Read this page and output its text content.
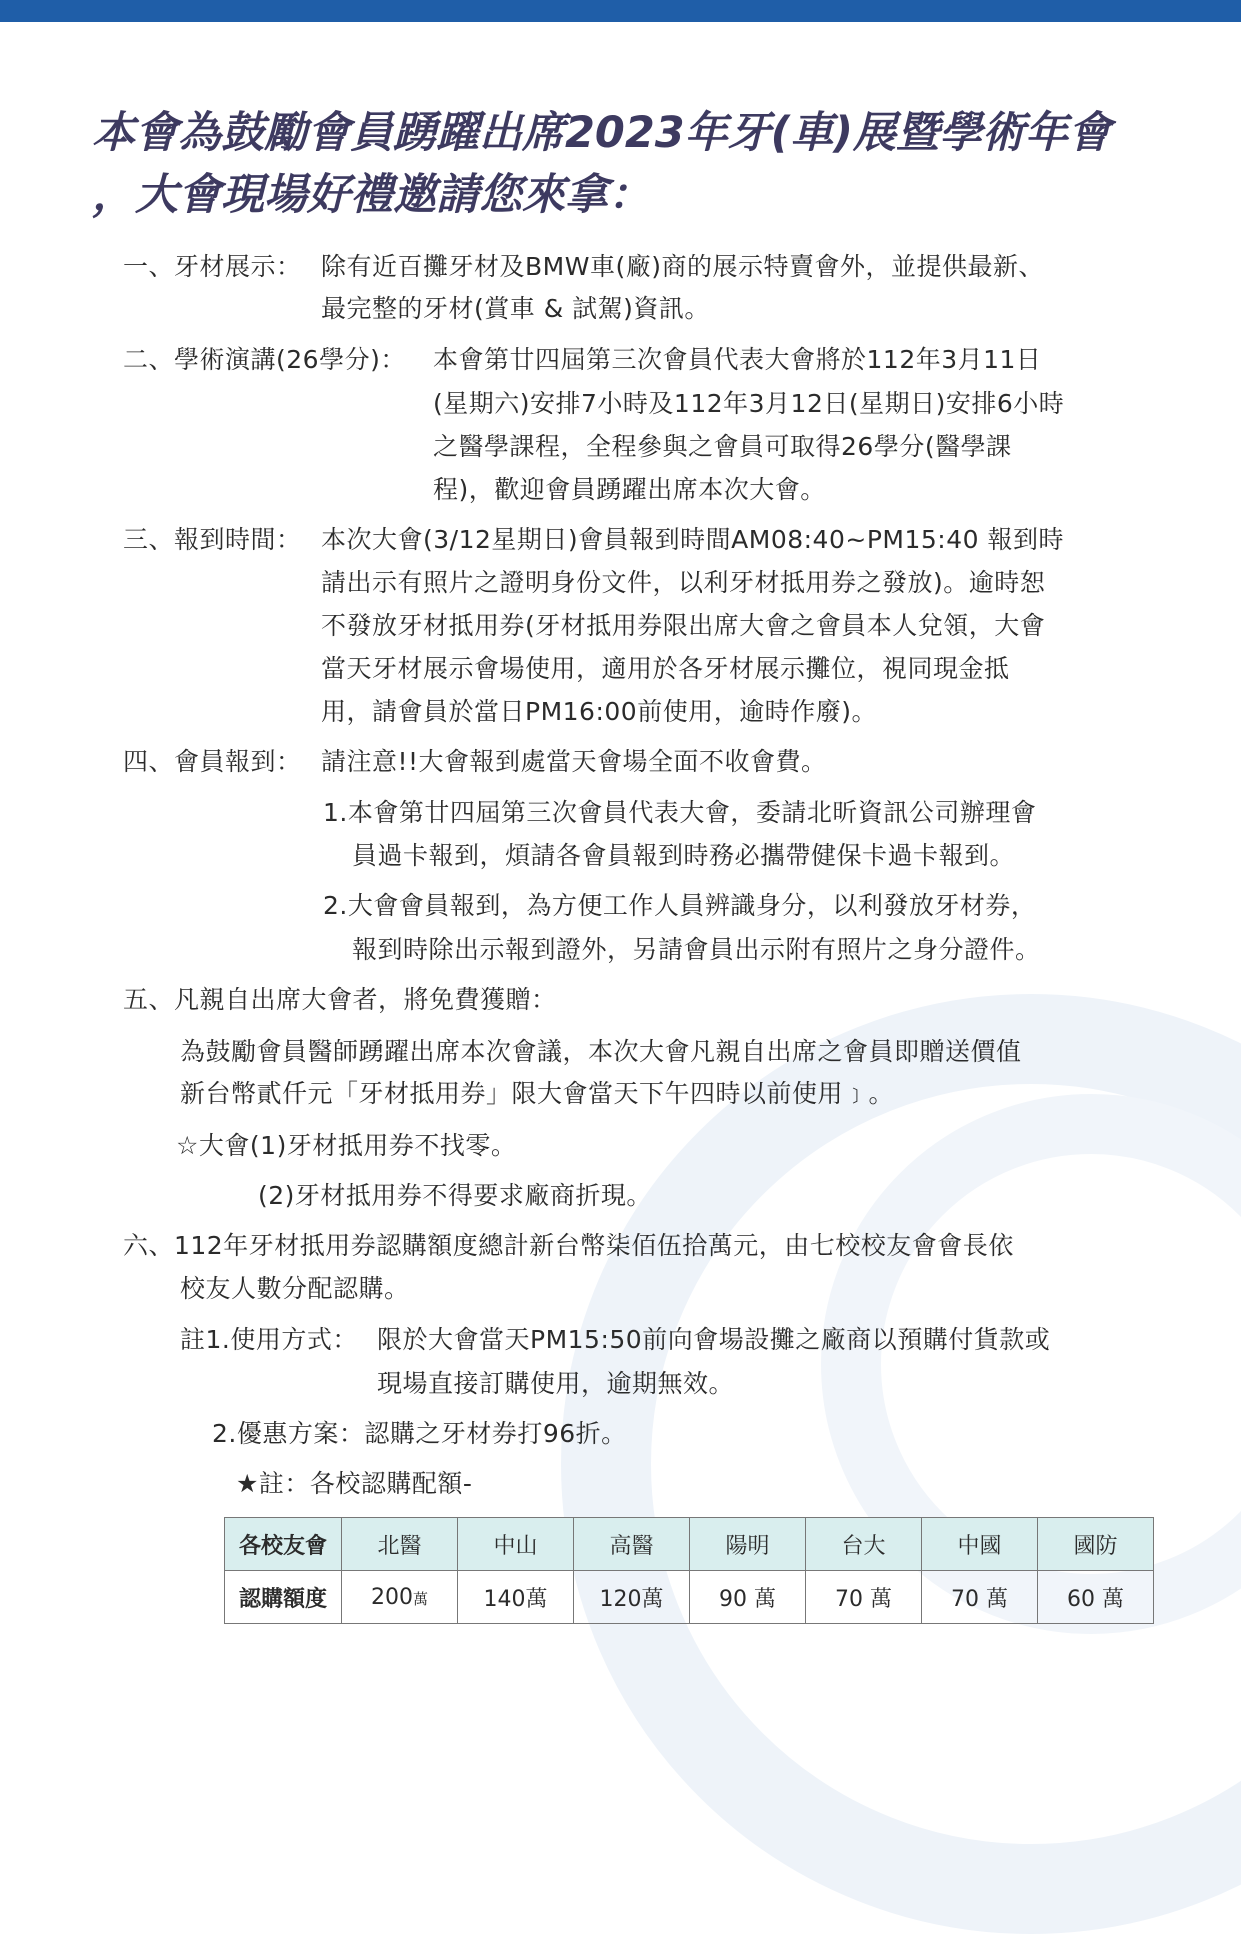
本會為鼓勵會員踴躍出席2023年牙(車)展暨學術年會
，大會現場好禮邀請您來拿：
一、牙材展示： 除有近百攤牙材及BMW車(廠)商的展示特賣會外，並提供最新、
最完整的牙材(賞車 & 試駕)資訊。
二、學術演講(26學分)： 本會第廿四屆第三次會員代表大會將於112年3月11日
(星期六)安排7小時及112年3月12日(星期日)安排6小時
之醫學課程，全程參與之會員可取得26學分(醫學課
程)，歡迎會員踴躍出席本次大會。
三、報到時間： 本次大會(3/12星期日)會員報到時間AM08:40~PM15:40 報到時
請出示有照片之證明身份文件，以利牙材抵用券之發放)。逾時恕
不發放牙材抵用券(牙材抵用券限出席大會之會員本人兌領，大會
當天牙材展示會場使用，適用於各牙材展示攤位，視同現金抵
用，請會員於當日PM16:00前使用，逾時作廢)。
四、會員報到： 請注意!!大會報到處當天會場全面不收會費。
1.本會第廿四屆第三次會員代表大會，委請北昕資訊公司辦理會
員過卡報到，煩請各會員報到時務必攜帶健保卡過卡報到。
2.大會會員報到，為方便工作人員辨識身分，以利發放牙材券，
報到時除出示報到證外，另請會員出示附有照片之身分證件。
五、凡親自出席大會者，將免費獲贈：
為鼓勵會員醫師踴躍出席本次會議，本次大會凡親自出席之會員即贈送價值
新台幣貳仟元「牙材抵用券」限大會當天下午四時以前使用﹞。
☆大會(1)牙材抵用券不找零。
(2)牙材抵用券不得要求廠商折現。
六、112年牙材抵用券認購額度總計新台幣柒佰伍拾萬元，由七校校友會會長依
校友人數分配認購。
註1.使用方式： 限於大會當天PM15:50前向會場設攤之廠商以預購付貨款或
現場直接訂購使用，逾期無效。
2.優惠方案：認購之牙材券打96折。
★註：各校認購配額-
各校友會	北醫	中山	高醫	陽明	台大	中國	國防
認購額度	200萬	140萬	120萬	90 萬	70 萬	70 萬	60 萬
